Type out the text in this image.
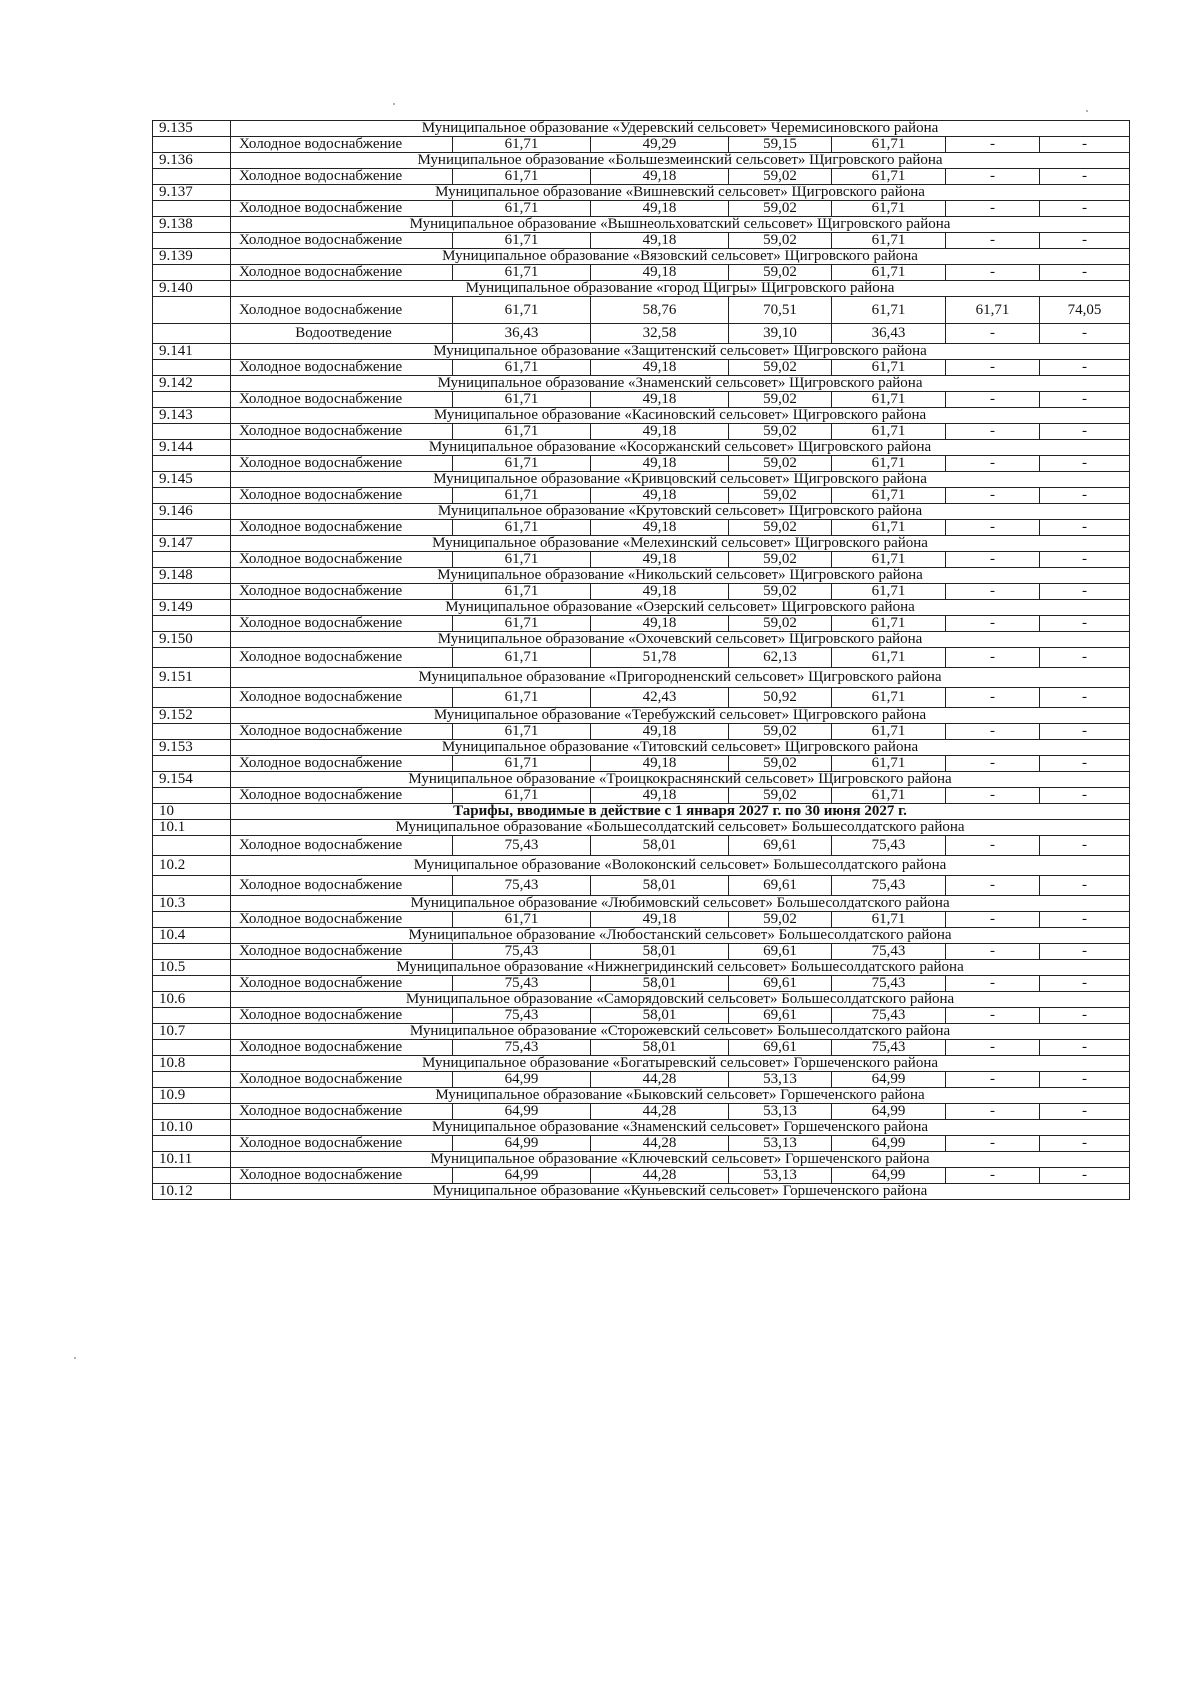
9.135	Муниципальное образование «Удеревский сельсовет» Черемисиновского района						
	Холодное водоснабжение	61,71	49,29	59,15	61,71	-	-
9.136	Муниципальное образование «Большезмеинский сельсовет» Щигровского района						
	Холодное водоснабжение	61,71	49,18	59,02	61,71	-	-
9.137	Муниципальное образование «Вишневский сельсовет» Щигровского района						
	Холодное водоснабжение	61,71	49,18	59,02	61,71	-	-
9.138	Муниципальное образование «Вышнеольховатский сельсовет» Щигровского района						
	Холодное водоснабжение	61,71	49,18	59,02	61,71	-	-
9.139	Муниципальное образование «Вязовский сельсовет» Щигровского района						
	Холодное водоснабжение	61,71	49,18	59,02	61,71	-	-
9.140	Муниципальное образование «город Щигры» Щигровского района						
	Холодное водоснабжение	61,71	58,76	70,51	61,71	61,71	74,05
	Водоотведение	36,43	32,58	39,10	36,43	-	-
9.141	Муниципальное образование «Защитенский сельсовет» Щигровского района						
	Холодное водоснабжение	61,71	49,18	59,02	61,71	-	-
9.142	Муниципальное образование «Знаменский сельсовет» Щигровского района						
	Холодное водоснабжение	61,71	49,18	59,02	61,71	-	-
9.143	Муниципальное образование «Касиновский сельсовет» Щигровского района						
	Холодное водоснабжение	61,71	49,18	59,02	61,71	-	-
9.144	Муниципальное образование «Косоржанский сельсовет» Щигровского района						
	Холодное водоснабжение	61,71	49,18	59,02	61,71	-	-
9.145	Муниципальное образование «Кривцовский сельсовет» Щигровского района						
	Холодное водоснабжение	61,71	49,18	59,02	61,71	-	-
9.146	Муниципальное образование «Крутовский сельсовет» Щигровского района						
	Холодное водоснабжение	61,71	49,18	59,02	61,71	-	-
9.147	Муниципальное образование «Мелехинский сельсовет» Щигровского района						
	Холодное водоснабжение	61,71	49,18	59,02	61,71	-	-
9.148	Муниципальное образование «Никольский сельсовет» Щигровского района						
	Холодное водоснабжение	61,71	49,18	59,02	61,71	-	-
9.149	Муниципальное образование «Озерский сельсовет» Щигровского района						
	Холодное водоснабжение	61,71	49,18	59,02	61,71	-	-
9.150	Муниципальное образование «Охочевский сельсовет» Щигровского района						
	Холодное водоснабжение	61,71	51,78	62,13	61,71	-	-
9.151	Муниципальное образование «Пригородненский сельсовет» Щигровского района						
	Холодное водоснабжение	61,71	42,43	50,92	61,71	-	-
9.152	Муниципальное образование «Теребужский сельсовет» Щигровского района						
	Холодное водоснабжение	61,71	49,18	59,02	61,71	-	-
9.153	Муниципальное образование «Титовский сельсовет» Щигровского района						
	Холодное водоснабжение	61,71	49,18	59,02	61,71	-	-
9.154	Муниципальное образование «Троицкокраснянский сельсовет» Щигровского района						
	Холодное водоснабжение	61,71	49,18	59,02	61,71	-	-
10	Тарифы, вводимые в действие с 1 января 2027 г. по 30 июня 2027 г.						
10.1	Муниципальное образование «Большесолдатский сельсовет» Большесолдатского района						
	Холодное водоснабжение	75,43	58,01	69,61	75,43	-	-
10.2	Муниципальное образование «Волоконский сельсовет» Большесолдатского района						
	Холодное водоснабжение	75,43	58,01	69,61	75,43	-	-
10.3	Муниципальное образование «Любимовский сельсовет» Большесолдатского района						
	Холодное водоснабжение	61,71	49,18	59,02	61,71	-	-
10.4	Муниципальное образование «Любостанский сельсовет» Большесолдатского района						
	Холодное водоснабжение	75,43	58,01	69,61	75,43	-	-
10.5	Муниципальное образование «Нижнегридинский сельсовет» Большесолдатского района						
	Холодное водоснабжение	75,43	58,01	69,61	75,43	-	-
10.6	Муниципальное образование «Саморядовский сельсовет» Большесолдатского района						
	Холодное водоснабжение	75,43	58,01	69,61	75,43	-	-
10.7	Муниципальное образование «Сторожевский сельсовет» Большесолдатского района						
	Холодное водоснабжение	75,43	58,01	69,61	75,43	-	-
10.8	Муниципальное образование «Богатыревский сельсовет» Горшеченского района						
	Холодное водоснабжение	64,99	44,28	53,13	64,99	-	-
10.9	Муниципальное образование «Быковский сельсовет» Горшеченского района						
	Холодное водоснабжение	64,99	44,28	53,13	64,99	-	-
10.10	Муниципальное образование «Знаменский сельсовет» Горшеченского района						
	Холодное водоснабжение	64,99	44,28	53,13	64,99	-	-
10.11	Муниципальное образование «Ключевский сельсовет» Горшеченского района						
	Холодное водоснабжение	64,99	44,28	53,13	64,99	-	-
10.12	Муниципальное образование «Куньевский сельсовет» Горшеченского района						
